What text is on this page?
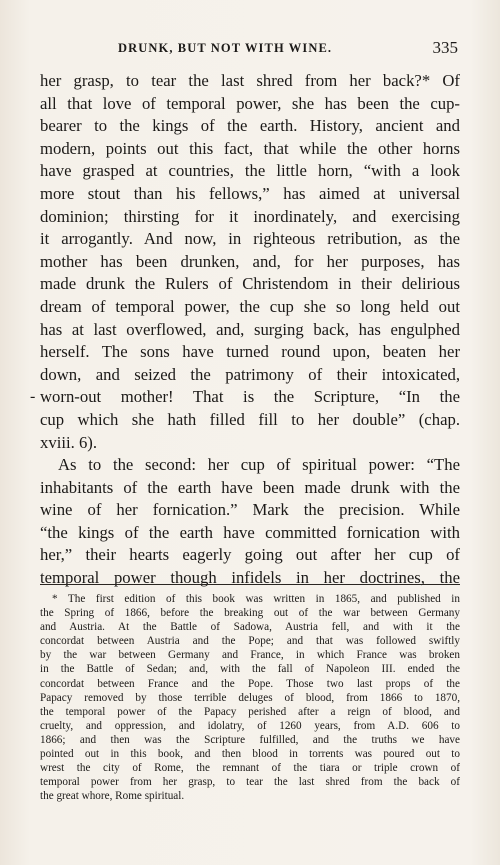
DRUNK, BUT NOT WITH WINE.	335
her grasp, to tear the last shred from her back?* Of
all that love of temporal power, she has been the cup-
bearer to the kings of the earth. History, ancient and
modern, points out this fact, that while the other horns
have grasped at countries, the little horn, “with a look
more stout than his fellows,” has aimed at universal
dominion; thirsting for it inordinately, and exercising
it arrogantly. And now, in righteous retribution, as the
mother has been drunken, and, for her purposes, has
made drunk the Rulers of Christendom in their delirious
dream of temporal power, the cup she so long held out
has at last overflowed, and, surging back, has engulphed
herself. The sons have turned round upon, beaten her
down, and seized the patrimony of their intoxicated,
- worn-out mother! That is the Scripture, “In the
cup which she hath filled fill to her double” (chap.
xviii. 6).
As to the second: her cup of spiritual power: “The
inhabitants of the earth have been made drunk with the
wine of her fornication.” Mark the precision. While
“the kings of the earth have committed fornication with
her,” their hearts eagerly going out after her cup of
temporal power though infidels in her doctrines, the
* The first edition of this book was written in 1865, and published in
the Spring of 1866, before the breaking out of the war between Germany
and Austria. At the Battle of Sadowa, Austria fell, and with it the
concordat between Austria and the Pope; and that was followed swiftly
by the war between Germany and France, in which France was broken
in the Battle of Sedan; and, with the fall of Napoleon III. ended the
concordat between France and the Pope. Those two last props of the
Papacy removed by those terrible deluges of blood, from 1866 to 1870,
the temporal power of the Papacy perished after a reign of blood, and
cruelty, and oppression, and idolatry, of 1260 years, from A.D. 606 to
1866; and then was the Scripture fulfilled, and the truths we have
pointed out in this book, and then blood in torrents was poured out to
wrest the city of Rome, the remnant of the tiara or triple crown of
temporal power from her grasp, to tear the last shred from the back of
the great whore, Rome spiritual.
